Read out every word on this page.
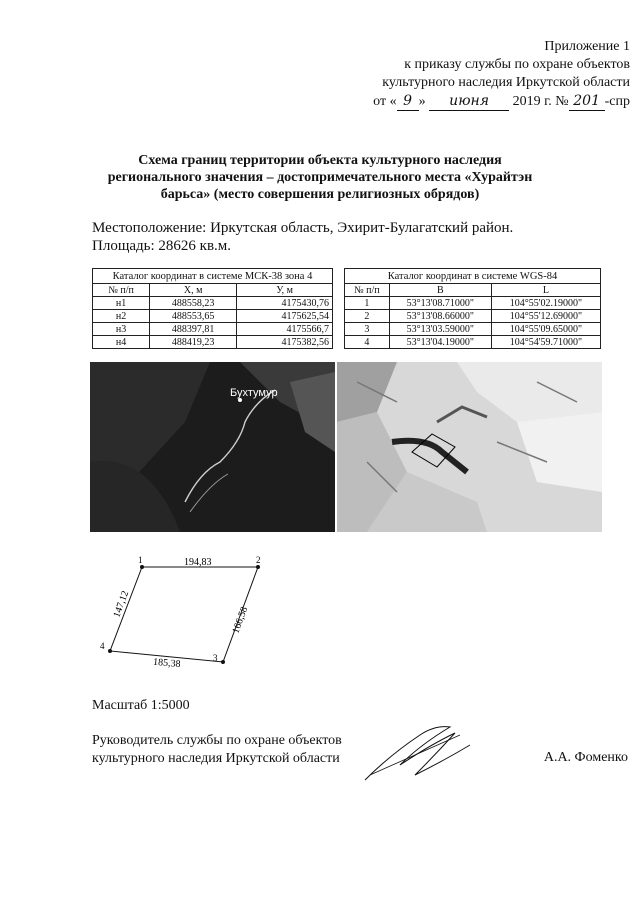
Приложение 1
к приказу службы по охране объектов
культурного наследия Иркутской области
от « 9 » июня 2019 г. № 201 -спр
Схема границ территории объекта культурного наследия регионального значения – достопримечательного места «Хурайтэн барьса» (место совершения религиозных обрядов)
Местоположение: Иркутская область, Эхирит-Булагатский район.
Площадь: 28626 кв.м.
Каталог координат в системе МСК-38 зона 4		
№ п/п	X, м	У, м
н1	488558,23	4175430,76
н2	488553,65	4175625,54
н3	488397,81	4175566,7
н4	488419,23	4175382,56
Каталог координат в системе WGS-84		
№ п/п	B	L
1	53°13'08.71000"	104°55'02.19000"
2	53°13'08.66000"	104°55'12.69000"
3	53°13'03.59000"	104°55'09.65000"
4	53°13'04.19000"	104°54'59.71000"
Бухтумур
1	2
3
4
194,83
166,58
185,38
147,12
Масштаб 1:5000
Руководитель службы по охране объектов
культурного наследия Иркутской области	А.А. Фоменко
